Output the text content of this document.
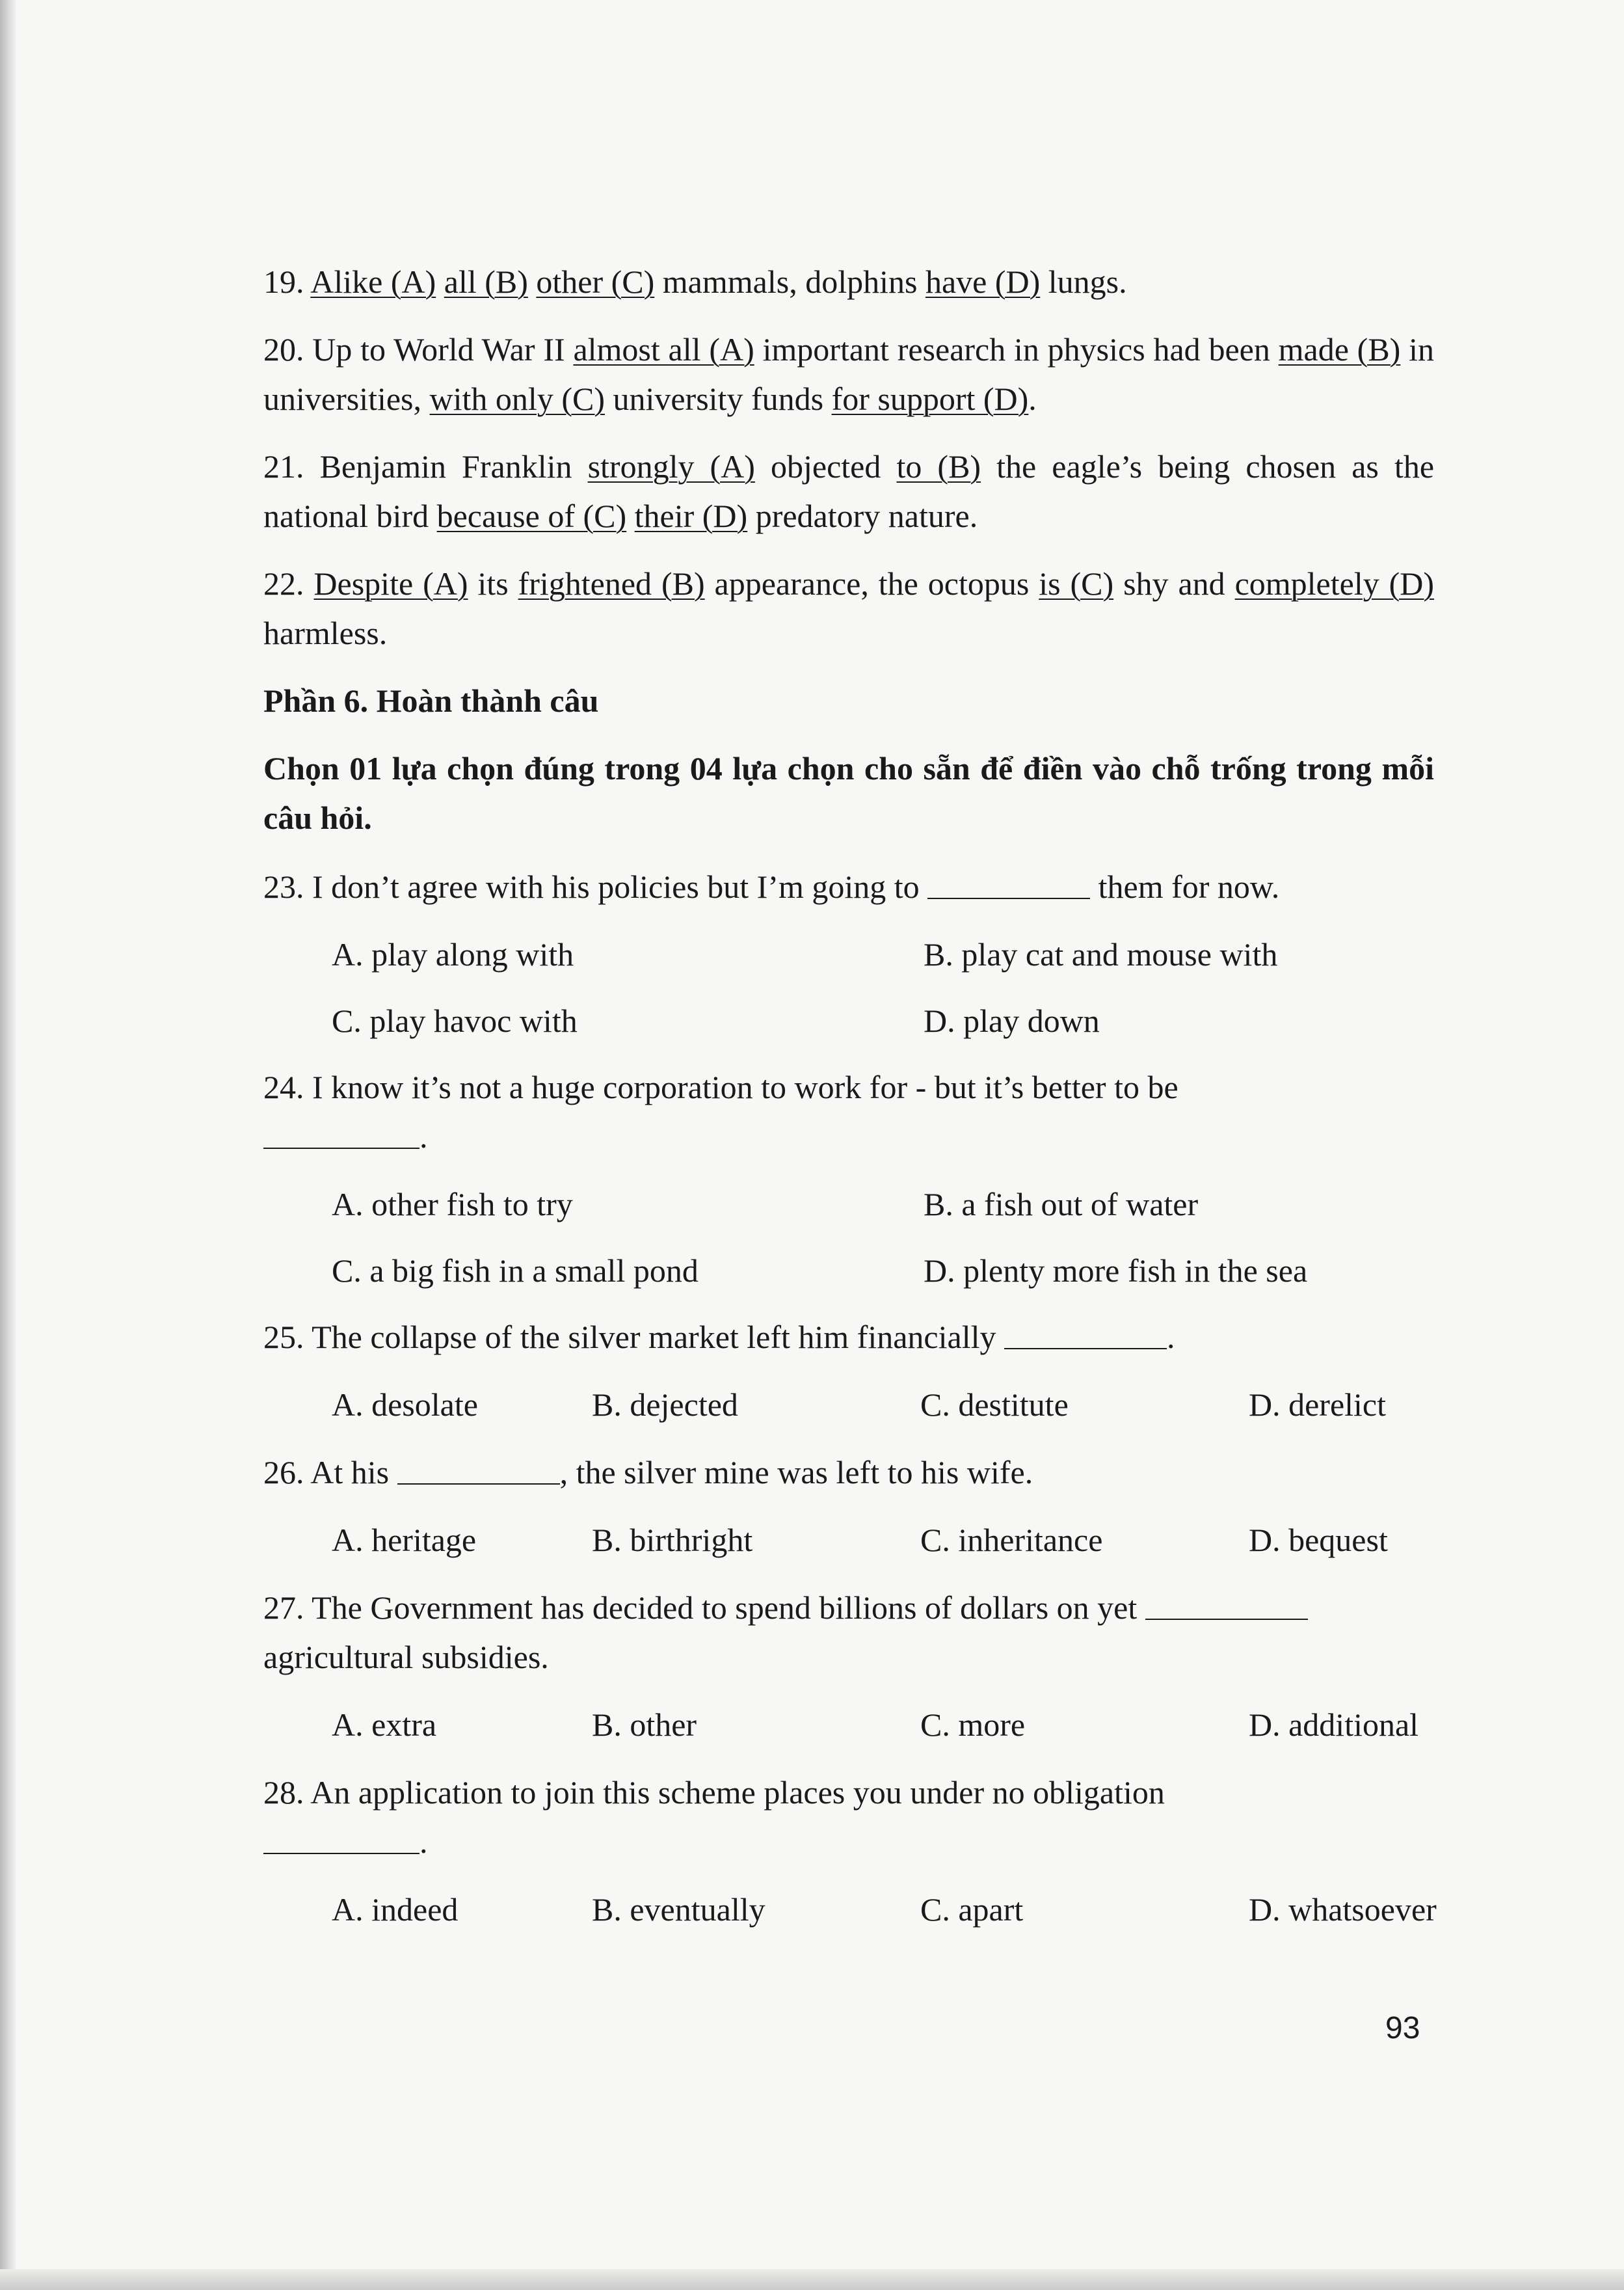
19. Alike (A) all (B) other (C) mammals, dolphins have (D) lungs.

20. Up to World War II almost all (A) important research in physics had been made (B) in universities, with only (C) university funds for support (D).

21. Benjamin Franklin strongly (A) objected to (B) the eagle’s being chosen as the national bird because of (C) their (D) predatory nature.

22. Despite (A) its frightened (B) appearance, the octopus is (C) shy and completely (D) harmless.

Phần 6. Hoàn thành câu
Chọn 01 lựa chọn đúng trong 04 lựa chọn cho sẵn để điền vào chỗ trống trong mỗi câu hỏi.

23. I don’t agree with his policies but I’m going to	them for now.

A. play along with	B. play cat and mouse with
C. play havoc with	D. play down

24. I know it’s not a huge corporation to work for - but it’s better to be
.

A. other fish to try	B. a fish out of water
C. a big fish in a small pond	D. plenty more fish in the sea

25. The collapse of the silver market left him financially	.

A. desolate	B. dejected	C. destitute	D. derelict

26. At his	, the silver mine was left to his wife.

A. heritage	B. birthright	C. inheritance	D. bequest

27. The Government has decided to spend billions of dollars on yet
agricultural subsidies.

A. extra	B. other	C. more	D. additional

28. An application to join this scheme places you under no obligation
.

A. indeed	B. eventually	C. apart	D. whatsoever
93
